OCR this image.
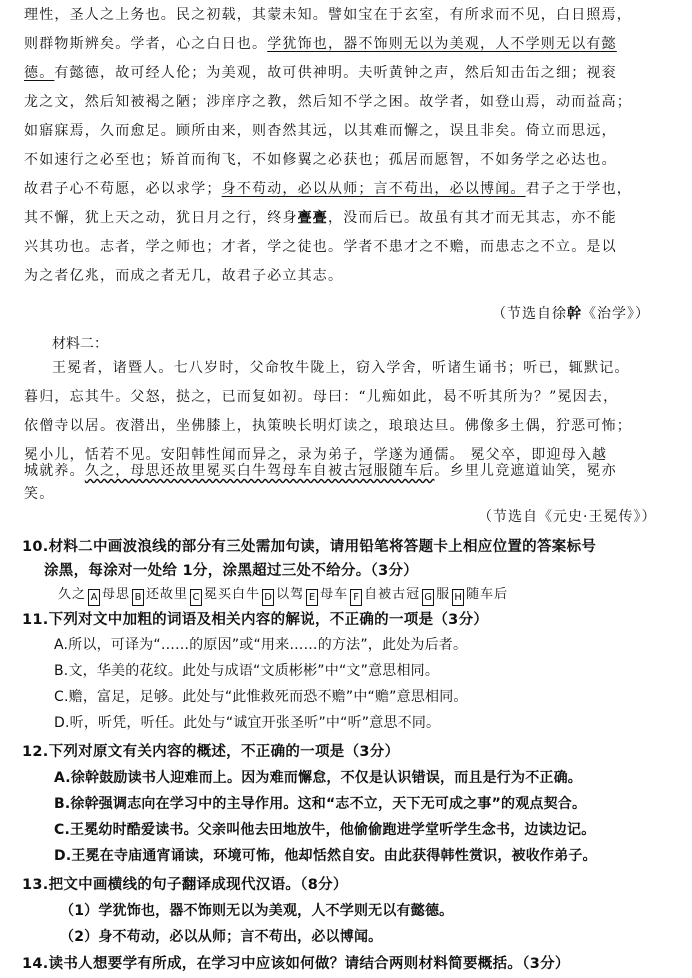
理性，圣人之上务也。民之初载，其蒙未知。譬如宝在于玄室，有所求而不见，白日照焉，
则群物斯辨矣。学者，心之白日也。学犹饰也，器不饰则无以为美观，人不学则无以有懿
德。有懿德，故可经人伦；为美观，故可供神明。夫听黄钟之声，然后知击缶之细；视衮
龙之文，然后知被褐之陋；涉庠序之教，然后知不学之困。故学者，如登山焉，动而益高；
如寤寐焉，久而愈足。顾所由来，则杳然其远，以其难而懈之，误且非矣。倚立而思远，
不如速行之必至也；矫首而徇飞，不如修翼之必获也；孤居而愿智，不如务学之必达也。
故君子心不苟愿，必以求学；身不苟动，必以从师；言不苟出，必以博闻。君子之于学也，
其不懈，犹上天之动，犹日月之行，终身亹亹，没而后已。故虽有其才而无其志，亦不能
兴其功也。志者，学之师也；才者，学之徒也。学者不患才之不赡，而患志之不立。是以
为之者亿兆，而成之者无几，故君子必立其志。
（节选自徐幹《治学》）
材料二：
王冕者，诸暨人。七八岁时，父命牧牛陇上，窃入学舍，听诸生诵书；听已，辄默记。
暮归，忘其牛。父怒，挞之，已而复如初。母曰：“儿痴如此，曷不听其所为？”冕因去，
依僧寺以居。夜潜出，坐佛膝上，执策映长明灯读之，琅琅达旦。佛像多土偶，狞恶可怖；
冕小儿，恬若不见。安阳韩性闻而异之，录为弟子，学遂为通儒。 冕父卒，即迎母入越
城就养。久之，母思还故里冕买白牛驾母车自被古冠服随车后。乡里儿竞遮道讪笑，冕亦
笑。
（节选自《元史·王冕传》）
10.材料二中画波浪线的部分有三处需加句读，请用铅笔将答题卡上相应位置的答案标号
涂黑，每涂对一处给 1分，涂黑超过三处不给分。（3分）
久之 A 母思 B 还故里 C 冕买白牛 D 以驾 E 母车 F 自被古冠 G 服 H 随车后
11.下列对文中加粗的词语及相关内容的解说，不正确的一项是（3分）
A.所以，可译为“……的原因”或“用来……的方法”，此处为后者。
B.文，华美的花纹。此处与成语“文质彬彬”中“文”意思相同。
C.赡，富足，足够。此处与“此惟救死而恐不赡”中“赡”意思相同。
D.听，听凭，听任。此处与“诚宜开张圣听”中“听”意思不同。
12.下列对原文有关内容的概述，不正确的一项是（3分）
A.徐幹鼓励读书人迎难而上。因为难而懈怠，不仅是认识错误，而且是行为不正确。
B.徐幹强调志向在学习中的主导作用。这和“志不立，天下无可成之事”的观点契合。
C.王冕幼时酷爱读书。父亲叫他去田地放牛，他偷偷跑进学堂听学生念书，边读边记。
D.王冕在寺庙通宵诵读，环境可怖，他却恬然自安。由此获得韩性赏识，被收作弟子。
13.把文中画横线的句子翻译成现代汉语。（8分）
（1）学犹饰也，器不饰则无以为美观，人不学则无以有懿德。
（2）身不苟动，必以从师；言不苟出，必以博闻。
14.读书人想要学有所成，在学习中应该如何做？请结合两则材料简要概括。（3分）
